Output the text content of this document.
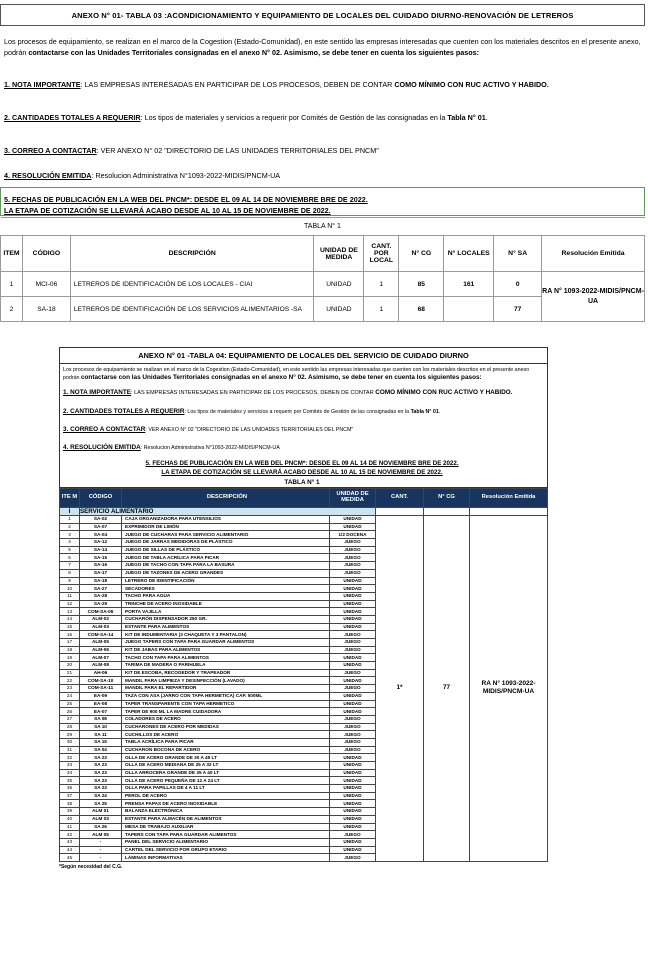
ANEXO N° 01- TABLA 03 :ACONDICIONAMIENTO Y EQUIPAMIENTO DE LOCALES DEL CUIDADO DIURNO-RENOVACIÓN DE LETREROS
Los procesos de equipamiento, se realizan en el marco de la Cogestion (Estado-Comunidad), en este sentido las empresas interesadas que cuenten con los materiales descritos en el presente anexo, podrán contactarse con las Unidades Territoriales consignadas en el anexo N° 02. Asimismo, se debe tener en cuenta los siguientes pasos:
1. NOTA IMPORTANTE: LAS EMPRESAS INTERESADAS EN PARTICIPAR DE LOS PROCESOS, DEBEN DE CONTAR COMO MÍNIMO CON RUC ACTIVO Y HABIDO.
2. CANTIDADES TOTALES A REQUERIR: Los tipos de materiales y servicios a requerir por Comités de Gestión de las consignadas en la Tabla N° 01.
3. CORREO A CONTACTAR: VER ANEXO N° 02 "DIRECTORIO DE LAS UNIDADES TERRITORIALES DEL PNCM"
4. RESOLUCIÓN EMITIDA: Resolucion Administrativa N°1093-2022-MIDIS/PNCM-UA
5. FECHAS DE PUBLICACIÓN EN LA WEB DEL PNCM*: DESDE EL 09 AL 14 DE NOVIEMBRE BRE DE 2022.
LA ETAPA DE COTIZACIÓN SE LLEVARÁ ACABO DESDE AL 10 AL 15 DE NOVIEMBRE DE 2022.
TABLA N° 1								
ITEM	CÓDIGO	DESCRIPCIÓN	UNIDAD DE MEDIDA	CANT. POR LOCAL	N° CG	N° LOCALES	N° SA	Resolución Emitida
1	MCI-06	LETREROS DE IDENTIFICACIÓN DE LOS LOCALES - CIAI	UNIDAD	1	85	161	0	RA N° 1093-2022-MIDIS/PNCM-UA
2	SA-18	LETREROS DE IDENTIFICACIÓN DE LOS SERVICIOS ALIMENTARIOS -SA	UNIDAD	1	68		77	
ANEXO N° 01 -TABLA 04: EQUIPAMIENTO DE LOCALES DEL SERVICIO DE CUIDADO DIURNO
Los procesos de equipamiento se realizan en el marco de la Cogestion (Estado-Comunidad), en este sentido las empresas interesadas que cuenten con los materiales descritos en el presente anexo podrán contactarse con las Unidades Territoriales consignadas en el anexo N° 02. Asimismo, se debe tener en cuenta los siguientes pasos:
1. NOTA IMPORTANTE: LAS EMPRESAS INTERESADAS EN PARTICIPAR DE LOS PROCESOS, DEBEN DE CONTAR COMO MÍNIMO CON RUC ACTIVO Y HABIDO.
2. CANTIDADES TOTALES A REQUERIR: Los tipos de materiales y servicios a requerir por Comités de Gestión de las consignadas en la Tabla N° 01.
3. CORREO A CONTACTAR: VER ANEXO N° 02 "DIRECTORIO DE LAS UNIDADES TERRITORIALES DEL PNCM"
4. RESOLUCIÓN EMITIDA: Resolucion Administrativa N°1093-2022-MIDIS/PNCM-UA
5. FECHAS DE PUBLICACIÓN EN LA WEB DEL PNCM*: DESDE EL 09 AL 14 DE NOVIEMBRE BRE DE 2022.
LA ETAPA DE COTIZACIÓN SE LLEVARÁ ACABO DESDE AL 10 AL 15 DE NOVIEMBRE DE 2022.
TABLA N° 1
ITE M	CÓDIGO	DESCRIPCIÓN	UNIDAD DE MEDIDA	CANT.	N° CG	Resolución Emitida
I	SERVICIO ALIMENTARIO					
1	SA-02	CAJA ORGANIZADORA PARA UTENSILIOS	UNIDAD	1*	77	RA N° 1093-2022-MIDIS/PNCM-UA
2	SA-07	EXPRIMIDOR DE LIMÓN	UNIDAD			
3	SA-04	JUEGO DE CUCHARAS PARA SERVICIO ALIMENTARIO	1/2 DOCENA			
4	SA-12	JUEGO DE JARRAS MEDIDORAS DE PLÁSTICO	JUEGO			
5	SA-14	JUEGO DE SILLAS DE PLÁSTICO	JUEGO			
6	SA-15	JUEGO DE TABLA ACRÍLICA PARA PICAR	JUEGO			
7	SA-16	JUEGO DE TACHO CON TAPA PARA LA BASURA	JUEGO			
8	SA-17	JUEGO DE TAZONES DE ACERO GRANDES	JUEGO			
9	SA-18	LETRERO DE IDENTIFICACIÓN	UNIDAD			
10	SA-27	SECADORES	UNIDAD			
11	SA-28	TACHO PARA AGUA	UNIDAD			
12	SA-29	TRINCHE DE ACERO INOXIDABLE	UNIDAD			
13	COM-SA-06	PORTA VAJILLA	UNIDAD			
14	ALM-02	CUCHARÓN DISPENSADOR 250 GR.	UNIDAD			
15	ALM-03	ESTANTE PARA ALIMENTOS	UNIDAD			
16	COM-SA-14	KIT DE INDUMENTARIA (3 CHAQUETA Y 3 PANTALON)	JUEGO			
17	ALM-05	JUEGO TAPERS CON TAPA PARA GUARDAR ALIMENTOS	JUEGO			
18	ALM-06	KIT DE JABAS PARA ALIMENTOS	JUEGO			
19	ALM-07	TACHO CON TAPA PARA ALIMENTOS	UNIDAD			
20	ALM-08	TARIMA DE MADERA O PARIHUELA	UNIDAD			
21	AH-06	KIT DE ESCOBA, RECOGEDOR Y TRAPEADOR	JUEGO			
22	COM-SA-10	MANDIL PARA LIMPIEZA Y DESINFECCIÓN (LAVADO)	UNIDAD			
23	COM-SA-11	MANDIL PARA EL REPARTIDOR	JUEGO			
24	EA-09	TAZA CON ASA (JARRO CON TAPA HERMETICA) CAP. 500ML	UNIDAD			
25	EA-08	TAPER TRANSPARENTE CON TAPA HERMETICO	UNIDAD			
26	EA-07	TAPER DE 900 ML LA MADRE CUIDADORA	UNIDAD			
27	SA 08	COLADORES DE ACERO	JUEGO			
28	SA 10	CUCHARONES DE ACERO POR MEDIDAS	JUEGO			
29	SA 11	CUCHILLOS DE ACERO	JUEGO			
30	SA 15	TABLA ACRÍLICA PARA PICAR	JUEGO			
31	SA 04	CUCHARON BOCONA DE ACERO	JUEGO			
32	SA 23	OLLA DE ACERO GRANDE DE 30 A 45 LT	UNIDAD			
33	SA 23	OLLA DE ACERO MEDIANA DE 25 A 32 LT	UNIDAD			
34	SA 23	OLLA ARROCERA GRANDE DE 35 A 40 LT	UNIDAD			
35	SA 23	OLLA DE ACERO PEQUEÑA DE 12 A 24 LT	UNIDAD			
36	SA 23	OLLA PARA PAPILLAS DE 4 A 11 LT	UNIDAD			
37	SA 24	PEROL DE ACERO	UNIDAD			
38	SA 25	PRENSA PAPAS DE ACERO INOXIDABLE	UNIDAD			
39	ALM 01	BALANZA ELECTRÓNICA	UNIDAD			
40	ALM 03	ESTANTE PARA ALMACÉN DE ALIMENTOS	UNIDAD			
41	SA 26	MESA DE TRABAJO AUXILIAR	UNIDAD			
42	ALM 05	TAPERS CON TAPA PARA GUARDAR ALIMENTOS	JUEGO			
43	-	PANEL DEL SERVICIO ALIMENTARIO	UNIDAD			
44	-	CARTEL DEL SERVICIO POR GRUPO ETARIO	UNIDAD			
45	-	LÁMINAS INFORMATIVAS	JUEGO			
*Según necesidad del C.G.
